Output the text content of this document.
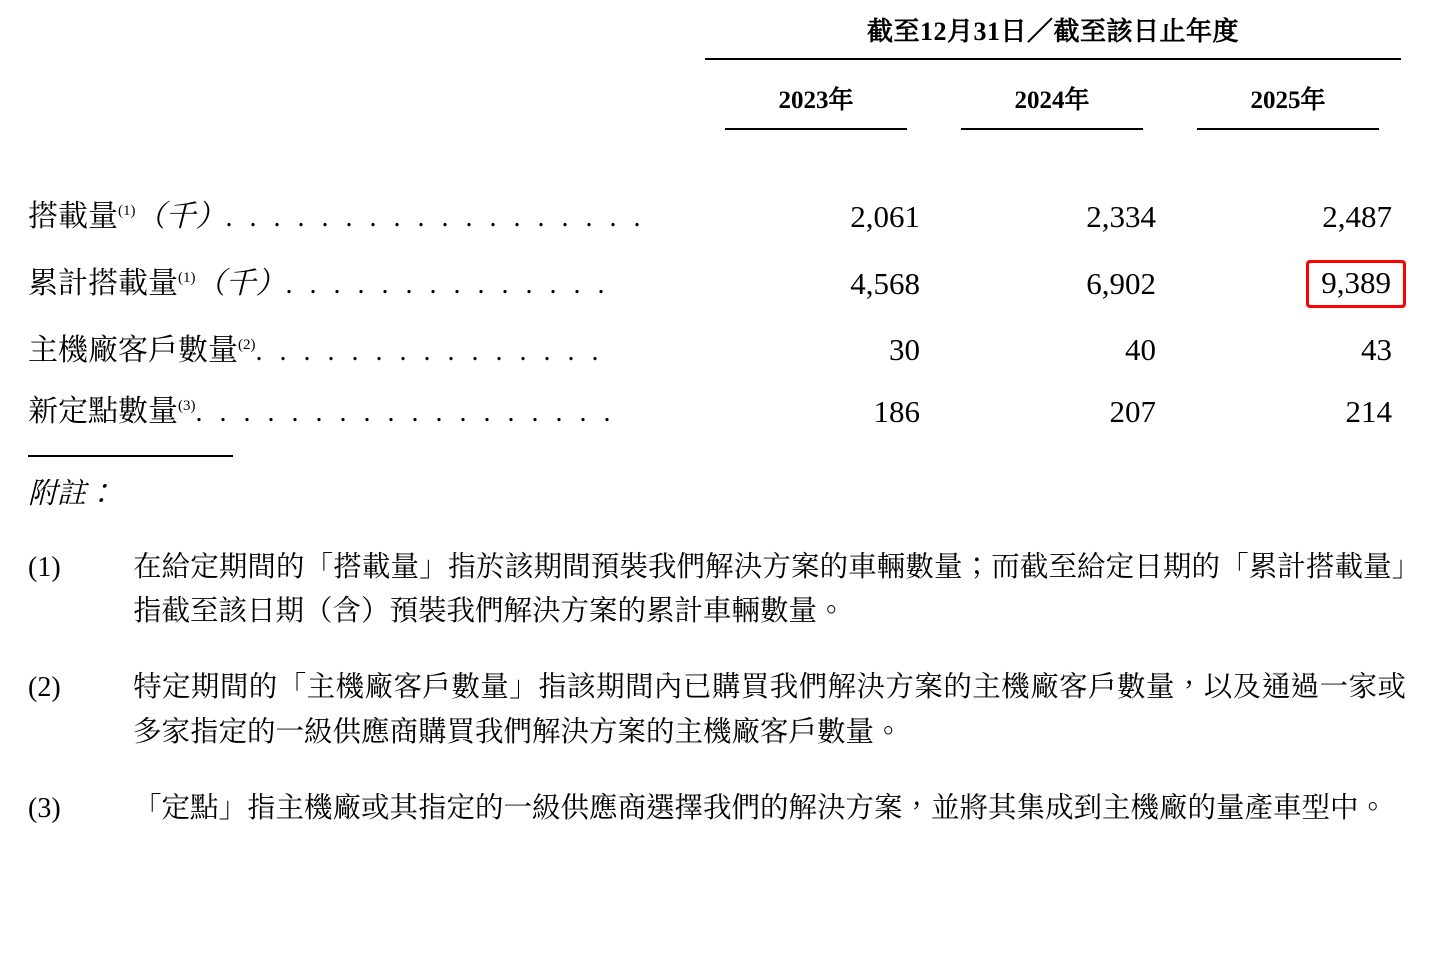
	截至12月31日／截至該日止年度		

	2023年	2024年	2025年

搭載量$^{(1)}$（千）. . . . . . . . . . . . . . . . . .	2,061	2,334	2,487
累計搭載量$^{(1)}$（千）. . . . . . . . . . . . . .	4,568	6,902	9,389
主機廠客戶數量$^{(2)}$. . . . . . . . . . . . . . .	30	40	43
新定點數量$^{(3)}$. . . . . . . . . . . . . . . . . .	186	207	214
附註：
(1)	在給定期間的「搭載量」指於該期間預裝我們解決方案的車輛數量；而截至給定日期的「累計搭載量」指截至該日期（含）預裝我們解決方案的累計車輛數量。
(2)	特定期間的「主機廠客戶數量」指該期間內已購買我們解決方案的主機廠客戶數量，以及通過一家或多家指定的一級供應商購買我們解決方案的主機廠客戶數量。
(3)	「定點」指主機廠或其指定的一級供應商選擇我們的解決方案，並將其集成到主機廠的量產車型中。
